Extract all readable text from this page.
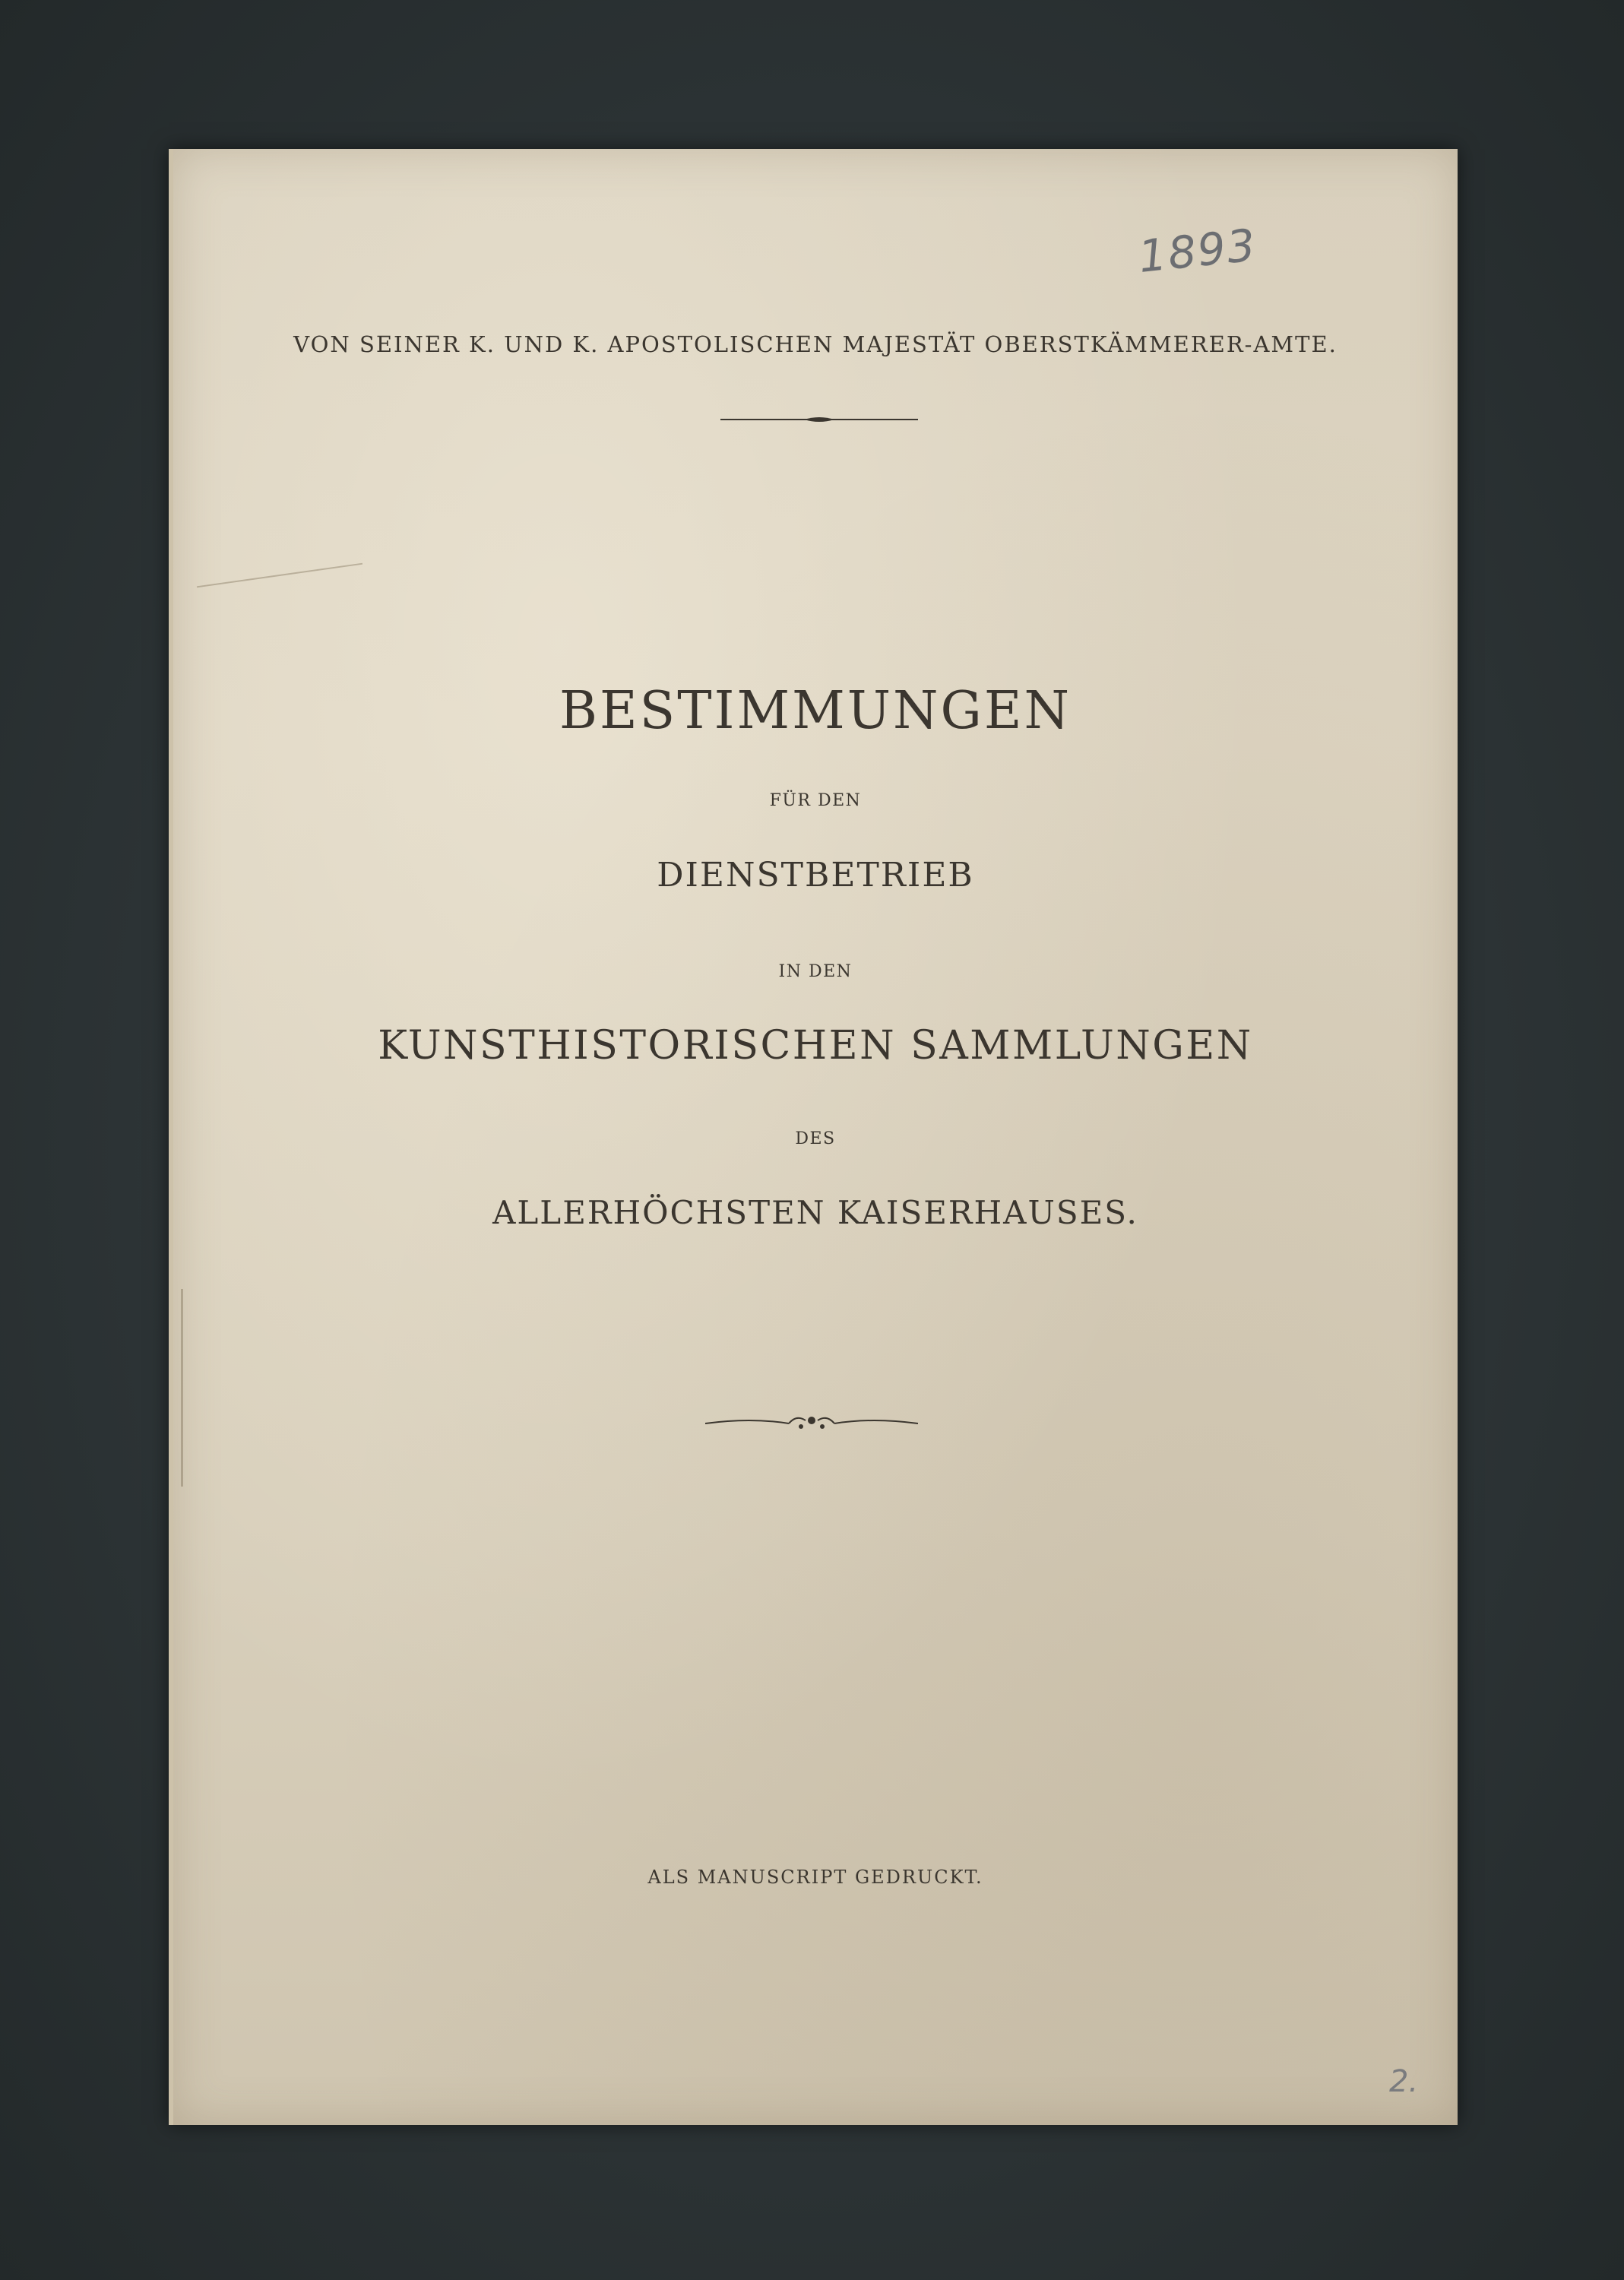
1893
VON SEINER K. UND K. APOSTOLISCHEN MAJESTÄT OBERSTKÄMMERER-AMTE.
BESTIMMUNGEN
FÜR DEN
DIENSTBETRIEB
IN DEN
KUNSTHISTORISCHEN SAMMLUNGEN
DES
ALLERHÖCHSTEN KAISERHAUSES.
ALS MANUSCRIPT GEDRUCKT.
2.
